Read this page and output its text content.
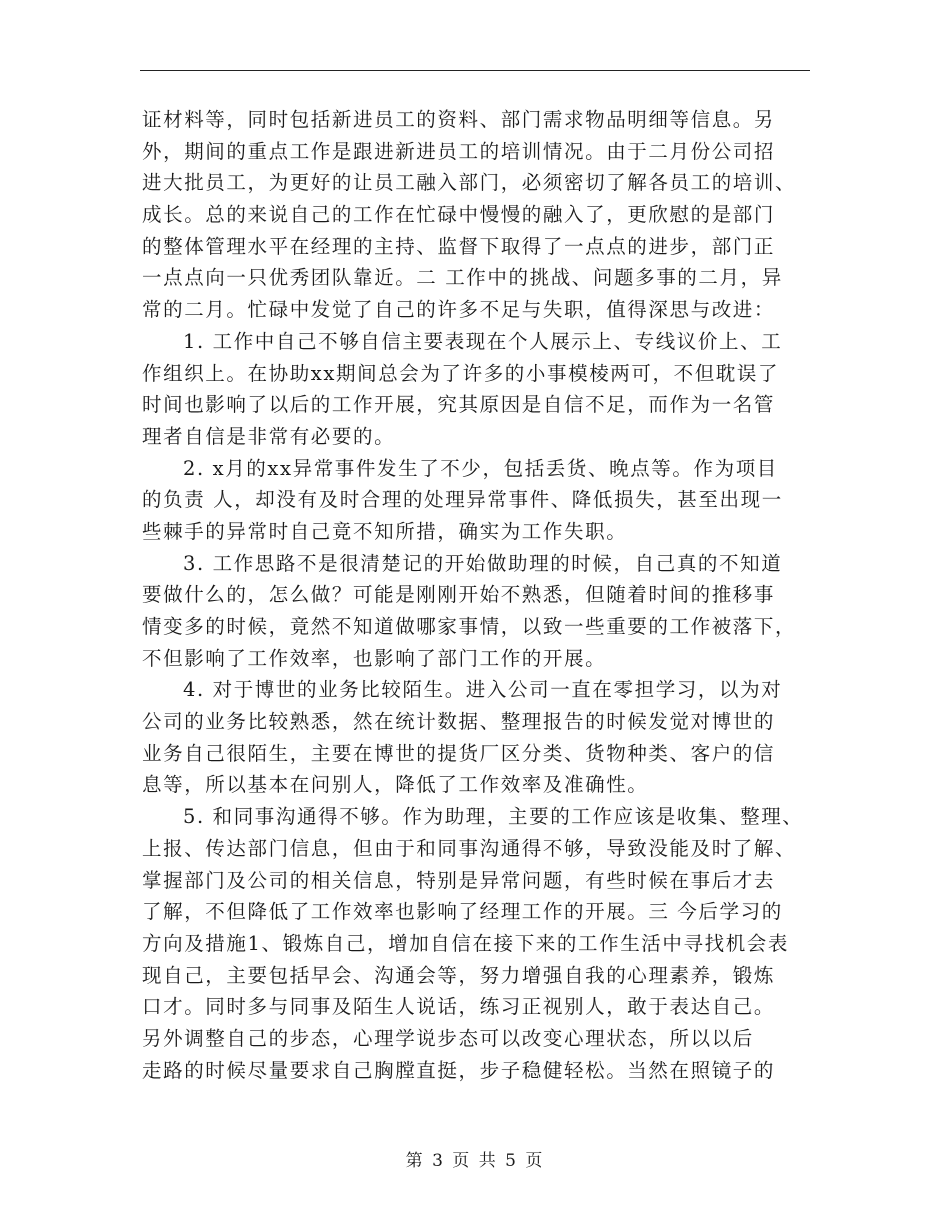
证材料等，同时包括新进员工的资料、部门需求物品明细等信息。另
外，期间的重点工作是跟进新进员工的培训情况。由于二月份公司招
进大批员工，为更好的让员工融入部门，必须密切了解各员工的培训、
成长。总的来说自己的工作在忙碌中慢慢的融入了，更欣慰的是部门
的整体管理水平在经理的主持、监督下取得了一点点的进步，部门正
一点点向一只优秀团队靠近。二 工作中的挑战、问题多事的二月，异
常的二月。忙碌中发觉了自己的许多不足与失职，值得深思与改进：
1. 工作中自己不够自信主要表现在个人展示上、专线议价上、工
作组织上。在协助xx期间总会为了许多的小事模棱两可，不但耽误了
时间也影响了以后的工作开展，究其原因是自信不足，而作为一名管
理者自信是非常有必要的。
2. x月的xx异常事件发生了不少，包括丢货、晚点等。作为项目
的负责 人，却没有及时合理的处理异常事件、降低损失，甚至出现一
些棘手的异常时自己竟不知所措，确实为工作失职。
3. 工作思路不是很清楚记的开始做助理的时候，自己真的不知道
要做什么的，怎么做？可能是刚刚开始不熟悉，但随着时间的推移事
情变多的时候，竟然不知道做哪家事情，以致一些重要的工作被落下，
不但影响了工作效率，也影响了部门工作的开展。
4. 对于博世的业务比较陌生。进入公司一直在零担学习，以为对
公司的业务比较熟悉，然在统计数据、整理报告的时候发觉对博世的
业务自己很陌生，主要在博世的提货厂区分类、货物种类、客户的信
息等，所以基本在问别人，降低了工作效率及准确性。
5. 和同事沟通得不够。作为助理，主要的工作应该是收集、整理、
上报、传达部门信息，但由于和同事沟通得不够，导致没能及时了解、
掌握部门及公司的相关信息，特别是异常问题，有些时候在事后才去
了解，不但降低了工作效率也影响了经理工作的开展。三 今后学习的
方向及措施1、锻炼自己，增加自信在接下来的工作生活中寻找机会表
现自己，主要包括早会、沟通会等，努力增强自我的心理素养，锻炼
口才。同时多与同事及陌生人说话，练习正视别人，敢于表达自己。
另外调整自己的步态，心理学说步态可以改变心理状态，所以以后
走路的时候尽量要求自己胸膛直挺，步子稳健轻松。当然在照镜子的
第 3 页 共 5 页
